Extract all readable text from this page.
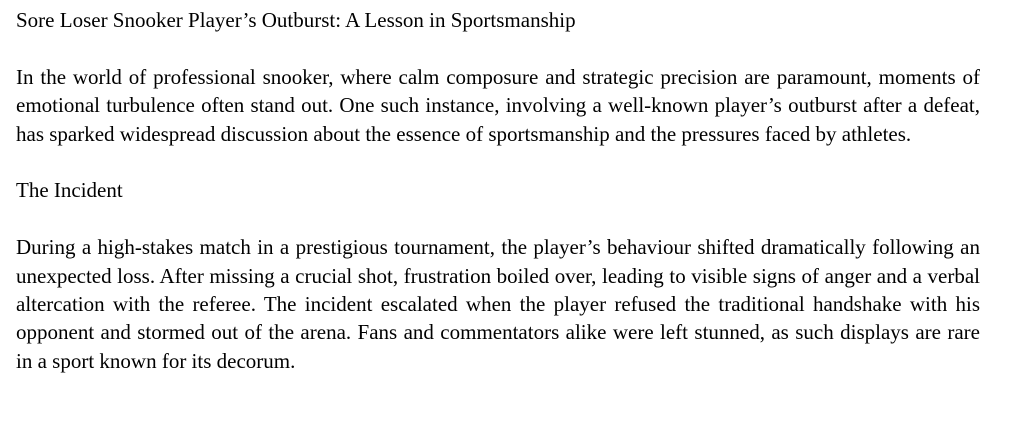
Sore Loser Snooker Player’s Outburst: A Lesson in Sportsmanship

In the world of professional snooker, where calm composure and strategic precision are paramount, moments of emotional turbulence often stand out. One such instance, involving a well-known player’s outburst after a defeat, has sparked widespread discussion about the essence of sportsmanship and the pressures faced by athletes.

The Incident

During a high-stakes match in a prestigious tournament, the player’s behaviour shifted dramatically following an unexpected loss. After missing a crucial shot, frustration boiled over, leading to visible signs of anger and a verbal altercation with the referee. The incident escalated when the player refused the traditional handshake with his opponent and stormed out of the arena. Fans and commentators alike were left stunned, as such displays are rare in a sport known for its decorum.
